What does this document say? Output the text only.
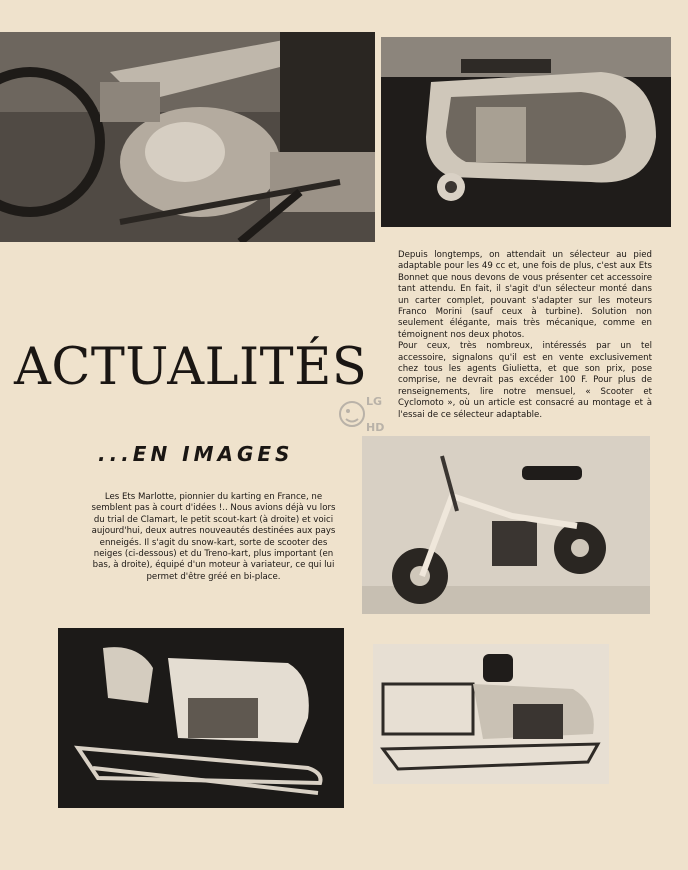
Depuis longtemps, on attendait un sélecteur au pied adaptable pour les 49 cc et, une fois de plus, c'est aux Ets Bonnet que nous devons de vous présenter cet accessoire tant attendu. En fait, il s'agit d'un sélecteur monté dans un carter complet, pouvant s'adapter sur les moteurs Franco Morini (sauf ceux à turbine). Solution non seulement élégante, mais très mécanique, comme en témoignent nos deux photos.

Pour ceux, très nombreux, intéressés par un tel accessoire, signalons qu'il est en vente exclusivement chez tous les agents Giulietta, et que son prix, pose comprise, ne devrait pas excéder 100 F. Pour plus de renseignements, lire notre mensuel, « Scooter et Cyclomoto », où un article est consacré au montage et à l'essai de ce sélecteur adaptable.

ACTUALITÉS
LG
HD
...EN IMAGES

Les Ets Marlotte, pionnier du karting en France, ne semblent pas à court d'idées !.. Nous avions déjà vu lors du trial de Clamart, le petit scout-kart (à droite) et voici aujourd'hui, deux autres nouveautés destinées aux pays enneigés. Il s'agit du snow-kart, sorte de scooter des neiges (ci-dessous) et du Treno-kart, plus important (en bas, à droite), équipé d'un moteur à variateur, ce qui lui permet d'être gréé en bi-place.
